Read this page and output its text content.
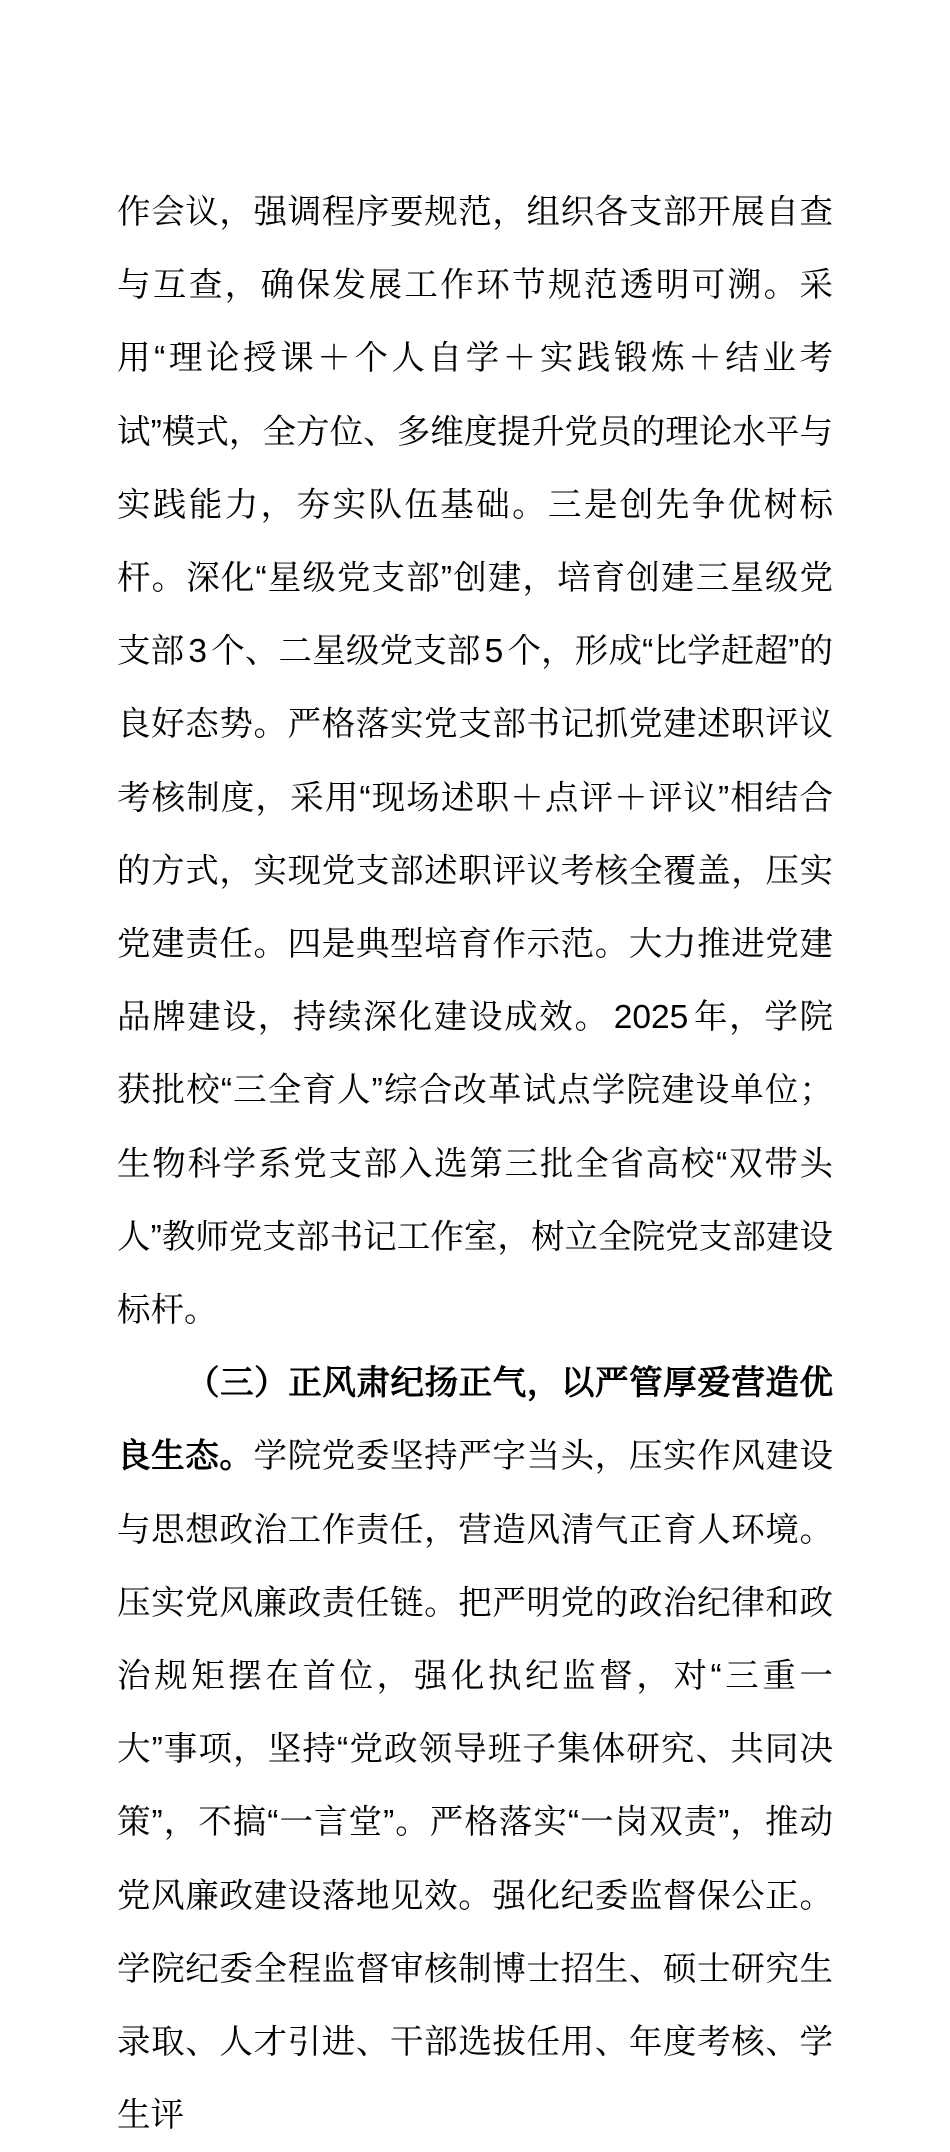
作会议，强调程序要规范，组织各支部开展自查与互查，确保发展工作环节规范透明可溯。采用“理论授课＋个人自学＋实践锻炼＋结业考试”模式，全方位、多维度提升党员的理论水平与实践能力，夯实队伍基础。三是创先争优树标杆。深化“星级党支部”创建，培育创建三星级党支部 3 个、二星级党支部 5 个，形成“比学赶超”的良好态势。严格落实党支部书记抓党建述职评议考核制度，采用“现场述职＋点评＋评议”相结合的方式，实现党支部述职评议考核全覆盖，压实党建责任。四是典型培育作示范。大力推进党建品牌建设，持续深化建设成效。 2025 年，学院获批校“三全育人”综合改革试点学院建设单位；生物科学系党支部入选第三批全省高校“双带头人”教师党支部书记工作室，树立全院党支部建设标杆。

（三）正风肃纪扬正气，以严管厚爱营造优良生态。学院党委坚持严字当头，压实作风建设与思想政治工作责任，营造风清气正育人环境。压实党风廉政责任链。把严明党的政治纪律和政治规矩摆在首位，强化执纪监督，对“三重一大”事项，坚持“党政领导班子集体研究、共同决策”，不搞“一言堂”。严格落实“一岗双责”，推动党风廉政建设落地见效。强化纪委监督保公正。学院纪委全程监督审核制博士招生、硕士研究生录取、人才引进、干部选拔任用、年度考核、学生评
